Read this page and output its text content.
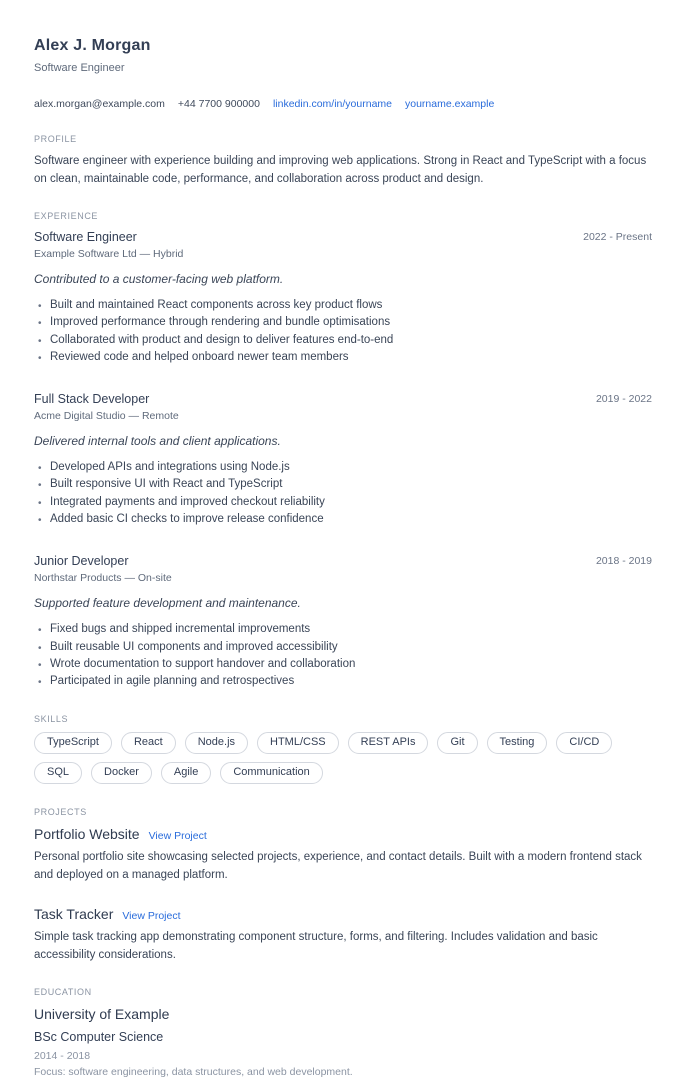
Alex J. Morgan
Software Engineer
alex.morgan@example.com +44 7700 900000 linkedin.com/in/yourname yourname.example
PROFILE

Software engineer with experience building and improving web applications. Strong in React and TypeScript with a focus on clean, maintainable code, performance, and collaboration across product and design.

EXPERIENCE
Software Engineer
Example Software Ltd — Hybrid
2022 - Present

Contributed to a customer-facing web platform.

• Built and maintained React components across key product flows
• Improved performance through rendering and bundle optimisations
• Collaborated with product and design to deliver features end-to-end
• Reviewed code and helped onboard newer team members
Full Stack Developer
Acme Digital Studio — Remote
2019 - 2022

Delivered internal tools and client applications.

• Developed APIs and integrations using Node.js
• Built responsive UI with React and TypeScript
• Integrated payments and improved checkout reliability
• Added basic CI checks to improve release confidence
Junior Developer
Northstar Products — On-site
2018 - 2019

Supported feature development and maintenance.

• Fixed bugs and shipped incremental improvements
• Built reusable UI components and improved accessibility
• Wrote documentation to support handover and collaboration
• Participated in agile planning and retrospectives
SKILLS
TypeScript	React	Node.js	HTML/CSS	REST APIs	Git	Testing	CI/CD
SQL	Docker	Agile	Communication
PROJECTS
Portfolio Website View Project

Personal portfolio site showcasing selected projects, experience, and contact details. Built with a modern frontend stack and deployed on a managed platform.

Task Tracker View Project

Simple task tracking app demonstrating component structure, forms, and filtering. Includes validation and basic accessibility considerations.

EDUCATION
University of Example
BSc Computer Science
2014 - 2018
Focus: software engineering, data structures, and web development.
